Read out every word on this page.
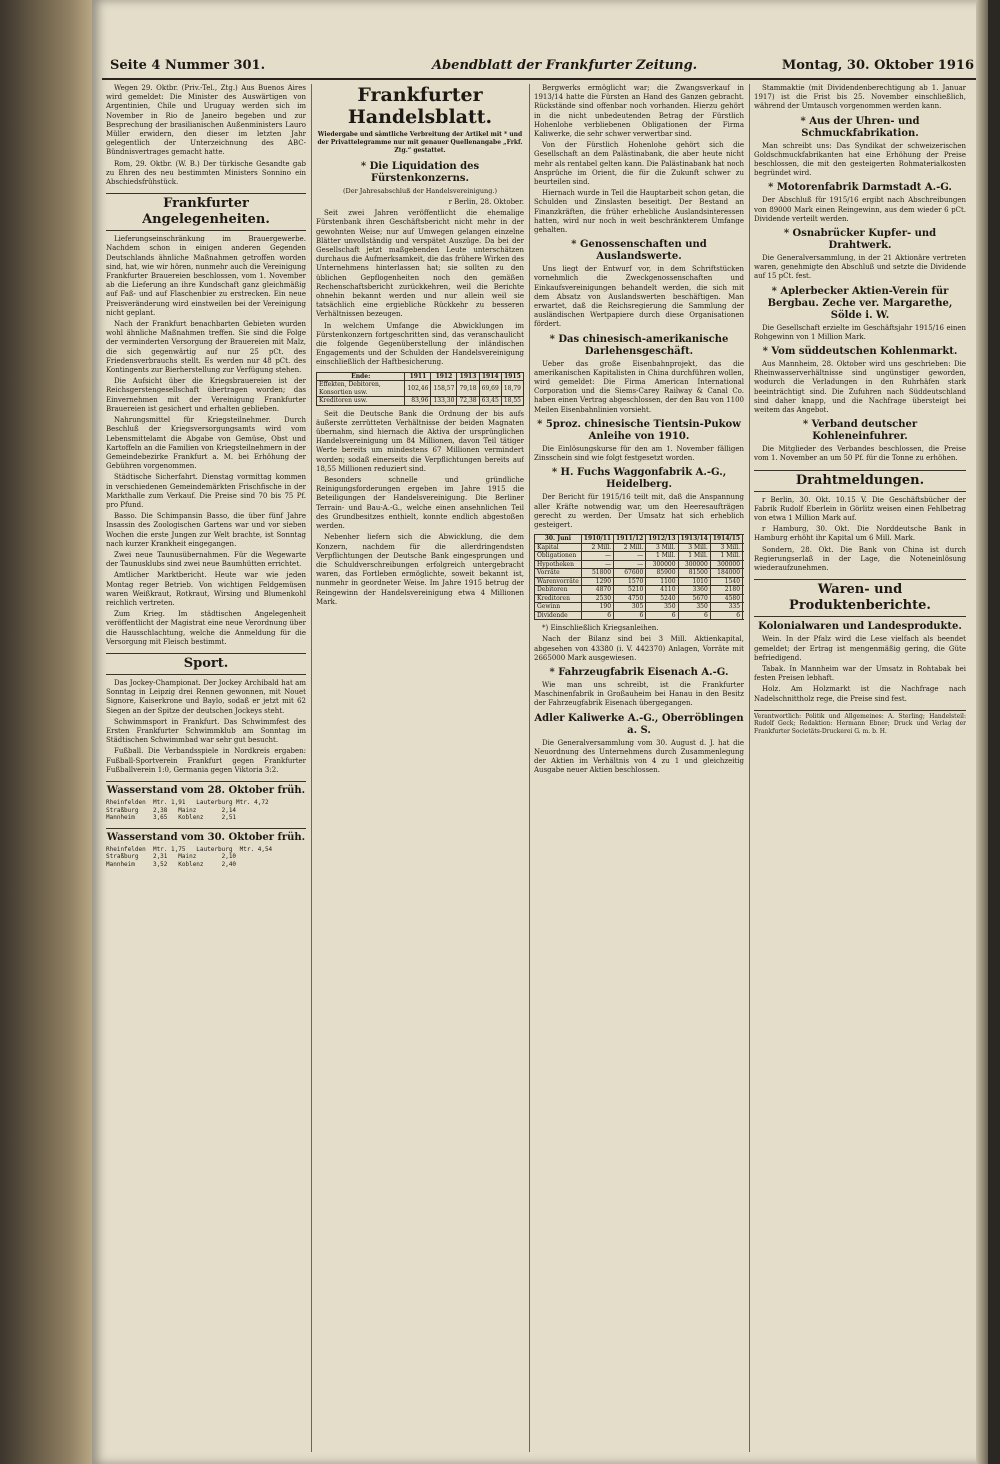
Seite 4 Nummer 301.	Abendblatt der Frankfurter Zeitung.	Montag, 30. Oktober 1916

Wegen 29. Oktbr. (Priv.-Tel., Ztg.) Aus Buenos Aires wird gemeldet: Die Minister des Auswärtigen von Argentinien, Chile und Uruguay werden sich im November in Rio de Janeiro begeben und zur Besprechung der brasilianischen Außenministers Lauro Müller erwidern, den dieser im letzten Jahr gelegentlich der Unterzeichnung des ABC-Bündnisvertrages gemacht hatte.

Rom, 29. Oktbr. (W. B.) Der türkische Gesandte gab zu Ehren des neu bestimmten Ministers Sonnino ein Abschiedsfrühstück.

Frankfurter Angelegenheiten.

Lieferungseinschränkung im Brauergewerbe. Nachdem schon in einigen anderen Gegenden Deutschlands ähnliche Maßnahmen getroffen worden sind, hat, wie wir hören, nunmehr auch die Vereinigung Frankfurter Brauereien beschlossen, vom 1. November ab die Lieferung an ihre Kundschaft ganz gleichmäßig auf Faß- und auf Flaschenbier zu erstrecken. Ein neue Preisveränderung wird einstweilen bei der Vereinigung nicht geplant.

Nach der Frankfurt benachbarten Gebieten wurden wohl ähnliche Maßnahmen treffen. Sie sind die Folge der verminderten Versorgung der Brauereien mit Malz, die sich gegenwärtig auf nur 25 pCt. des Friedensverbrauchs stellt. Es werden nur 48 pCt. des Kontingents zur Bierherstellung zur Verfügung stehen.

Die Aufsicht über die Kriegsbrauereien ist der Reichsgerstengesellschaft übertragen worden; das Einvernehmen mit der Vereinigung Frankfurter Brauereien ist gesichert und erhalten geblieben.

Nahrungsmittel für Kriegsteilnehmer. Durch Beschluß der Kriegsversorgungsamts wird vom Lebensmittelamt die Abgabe von Gemüse, Obst und Kartoffeln an die Familien von Kriegsteilnehmern in der Gemeindebezirke Frankfurt a. M. bei Erhöhung der Gebühren vorgenommen.

Städtische Sicherfahrt. Dienstag vormittag kommen in verschiedenen Gemeindemärkten Frischfische in der Markthalle zum Verkauf. Die Preise sind 70 bis 75 Pf. pro Pfund.

Basso. Die Schimpansin Basso, die über fünf Jahre Insassin des Zoologischen Gartens war und vor sieben Wochen die erste Jungen zur Welt brachte, ist Sonntag nach kurzer Krankheit eingegangen.

Zwei neue Taunusübernahmen. Für die Wegewarte der Taunusklubs sind zwei neue Baumhütten errichtet.

Amtlicher Marktbericht. Heute war wie jeden Montag reger Betrieb. Von wichtigen Feldgemüsen waren Weißkraut, Rotkraut, Wirsing und Blumenkohl reichlich vertreten.

Zum Krieg. Im städtischen Angelegenheit veröffentlicht der Magistrat eine neue Verordnung über die Hausschlachtung, welche die Anmeldung für die Versorgung mit Fleisch bestimmt.

Sport.

Das Jockey-Championat. Der Jockey Archibald hat am Sonntag in Leipzig drei Rennen gewonnen, mit Nouet Signore, Kaiserkrone und Baylo, sodaß er jetzt mit 62 Siegen an der Spitze der deutschen Jockeys steht.

Schwimmsport in Frankfurt. Das Schwimmfest des Ersten Frankfurter Schwimmklub am Sonntag im Städtischen Schwimmbad war sehr gut besucht.

Fußball. Die Verbandsspiele in Nordkreis ergaben: Fußball-Sportverein Frankfurt gegen Frankfurter Fußballverein 1:0, Germania gegen Viktoria 3:2.

Wasserstand vom 28. Oktober früh.
Rheinfelden  Mtr. 1,91   Lauterburg Mtr. 4,72
Straßburg    2,38   Mainz       2,14
Mannheim     3,65   Koblenz     2,51
Wasserstand vom 30. Oktober früh.
Rheinfelden  Mtr. 1,75   Lauterburg  Mtr. 4,54
Straßburg    2,31   Mainz       2,10
Mannheim     3,52   Koblenz     2,40
Frankfurter Handelsblatt.
Wiedergabe und sämtliche Verbreitung der Artikel mit * und der Privattelegramme nur mit genauer Quellenangabe „Frkf. Ztg.“ gestattet.
* Die Liquidation des Fürstenkonzerns.
(Der Jahresabschluß der Handelsvereinigung.)
r Berlin, 28. Oktober.

Seit zwei Jahren veröffentlicht die ehemalige Fürstenbank ihren Geschäftsbericht nicht mehr in der gewohnten Weise; nur auf Umwegen gelangen einzelne Blätter unvollständig und verspätet Auszüge. Da bei der Gesellschaft jetzt maßgebenden Leute unterschätzen durchaus die Aufmerksamkeit, die das frühere Wirken des Unternehmens hinterlassen hat; sie sollten zu den üblichen Gepflogenheiten noch den gemäßen Rechenschaftsbericht zurückkehren, weil die Berichte ohnehin bekannt werden und nur allein weil sie tatsächlich eine ergiebliche Rückkehr zu besseren Verhältnissen bezeugen.

In welchem Umfange die Abwicklungen im Fürstenkonzern fortgeschritten sind, das veranschaulicht die folgende Gegenüberstellung der inländischen Engagements und der Schulden der Handelsvereinigung einschließlich der Haftbesicherung.

Ende:	1911	1912	1913	1914	1915
Effekten, Debitoren, Konsortien usw.	102,46	158,57	79,18	69,69	18,79
Kreditoren usw.	83,96	133,30	72,38	63,45	18,55

Seit die Deutsche Bank die Ordnung der bis aufs äußerste zerrütteten Verhältnisse der beiden Magnaten übernahm, sind hiernach die Aktiva der ursprünglichen Handelsvereinigung um 84 Millionen, davon Teil tätiger Werte bereits um mindestens 67 Millionen vermindert worden; sodaß einerseits die Verpflichtungen bereits auf 18,55 Millionen reduziert sind.

Besonders schnelle und gründliche Reinigungsforderungen ergeben im Jahre 1915 die Beteiligungen der Handelsvereinigung. Die Berliner Terrain- und Bau-A.-G., welche einen ansehnlichen Teil des Grundbesitzes enthielt, konnte endlich abgestoßen werden.

Nebenher liefern sich die Abwicklung, die dem Konzern, nachdem für die allerdringendsten Verpflichtungen der Deutsche Bank eingesprungen und die Schuldverschreibungen erfolgreich untergebracht waren, das Fortleben ermöglichte, soweit bekannt ist, nunmehr in geordneter Weise. Im Jahre 1915 betrug der Reingewinn der Handelsvereinigung etwa 4 Millionen Mark.

Bergwerks ermöglicht war; die Zwangsverkauf in 1913/14 hatte die Fürsten an Hand des Ganzen gebracht. Rückstände sind offenbar noch vorhanden. Hierzu gehört in die nicht unbedeutenden Betrag der Fürstlich Hohenlohe verbliebenen Obligationen der Firma Kaliwerke, die sehr schwer verwertbar sind.

Von der Fürstlich Hohenlohe gehört sich die Gesellschaft an dem Palästinabank, die aber heute nicht mehr als rentabel gelten kann. Die Palästinabank hat noch Ansprüche im Orient, die für die Zukunft schwer zu beurteilen sind.

Hiernach wurde in Teil die Hauptarbeit schon getan, die Schulden und Zinslasten beseitigt. Der Bestand an Finanzkräften, die früher erhebliche Auslandsinteressen hatten, wird nur noch in weit beschränkterem Umfange gehalten.

* Genossenschaften und Auslandswerte.

Uns liegt der Entwurf vor, in dem Schriftstücken vornehmlich die Zweckgenossenschaften und Einkaufsvereinigungen behandelt werden, die sich mit dem Absatz von Auslandswerten beschäftigen. Man erwartet, daß die Reichsregierung die Sammlung der ausländischen Wertpapiere durch diese Organisationen fördert.

* Das chinesisch-amerikanische Darlehensgeschäft.

Ueber das große Eisenbahnprojekt, das die amerikanischen Kapitalisten in China durchführen wollen, wird gemeldet: Die Firma American International Corporation und die Siems-Carey Railway & Canal Co. haben einen Vertrag abgeschlossen, der den Bau von 1100 Meilen Eisenbahnlinien vorsieht.

* 5proz. chinesische Tientsin-Pukow Anleihe von 1910.

Die Einlösungskurse für den am 1. November fälligen Zinsschein sind wie folgt festgesetzt worden.

* H. Fuchs Waggonfabrik A.-G., Heidelberg.

Der Bericht für 1915/16 teilt mit, daß die Anspannung aller Kräfte notwendig war, um den Heeresaufträgen gerecht zu werden. Der Umsatz hat sich erheblich gesteigert.

30. Juni	1910/11	1911/12	1912/13	1913/14	1914/15	
Kapital	2 Mill.	2 Mill.	3 Mill.	3 Mill.	3 Mill.	
Obligationen	—	—	1 Mill.	1 Mill.	1 Mill.	
Hypotheken	—	—	300000	300000	300000	
Vorräte	51800	67600	85900	81500	184000	
Warenvorräte	1290	1570	1100	1010	1540	
Debitoren	4870	5210	4110	3360	2180	
Kreditoren	2530	4750	5240	5670	4580	
Gewinn	190	305	350	350	335	
Dividende	6	6	6	6	6	

*) Einschließlich Kriegsanleihen.

Nach der Bilanz sind bei 3 Mill. Aktienkapital, abgesehen von 43380 (i. V. 442370) Anlagen, Vorräte mit 2665000 Mark ausgewiesen.

* Fahrzeugfabrik Eisenach A.-G.

Wie man uns schreibt, ist die Frankfurter Maschinenfabrik in Großauheim bei Hanau in den Besitz der Fahrzeugfabrik Eisenach übergegangen.

Adler Kaliwerke A.-G., Oberröblingen a. S.

Die Generalversammlung vom 30. August d. J. hat die Neuordnung des Unternehmens durch Zusammenlegung der Aktien im Verhältnis von 4 zu 1 und gleichzeitig Ausgabe neuer Aktien beschlossen.

Stammaktie (mit Dividendenberechtigung ab 1. Januar 1917) ist die Frist bis 25. November einschließlich, während der Umtausch vorgenommen werden kann.

* Aus der Uhren- und Schmuckfabrikation.

Man schreibt uns: Das Syndikat der schweizerischen Goldschmuckfabrikanten hat eine Erhöhung der Preise beschlossen, die mit den gesteigerten Rohmaterialkosten begründet wird.

* Motorenfabrik Darmstadt A.-G.

Der Abschluß für 1915/16 ergibt nach Abschreibungen von 89000 Mark einen Reingewinn, aus dem wieder 6 pCt. Dividende verteilt werden.

* Osnabrücker Kupfer- und Drahtwerk.

Die Generalversammlung, in der 21 Aktionäre vertreten waren, genehmigte den Abschluß und setzte die Dividende auf 15 pCt. fest.

* Aplerbecker Aktien-Verein für Bergbau. Zeche ver. Margarethe, Sölde i. W.

Die Gesellschaft erzielte im Geschäftsjahr 1915/16 einen Rohgewinn von 1 Million Mark.

* Vom süddeutschen Kohlenmarkt.

Aus Mannheim, 28. Oktober wird uns geschrieben: Die Rheinwasserverhältnisse sind ungünstiger geworden, wodurch die Verladungen in den Ruhrhäfen stark beeinträchtigt sind. Die Zufuhren nach Süddeutschland sind daher knapp, und die Nachfrage übersteigt bei weitem das Angebot.

* Verband deutscher Kohleneinfuhrer.

Die Mitglieder des Verbandes beschlossen, die Preise vom 1. November an um 50 Pf. für die Tonne zu erhöhen.

Drahtmeldungen.

r Berlin, 30. Okt. 10.15 V. Die Geschäftsbücher der Fabrik Rudolf Eberlein in Görlitz weisen einen Fehlbetrag von etwa 1 Million Mark auf.

r Hamburg, 30. Okt. Die Norddeutsche Bank in Hamburg erhöht ihr Kapital um 6 Mill. Mark.

Sondern, 28. Okt. Die Bank von China ist durch Regierungserlaß in der Lage, die Noteneinlösung wiederaufzunehmen.

Waren- und Produktenberichte.
Kolonialwaren und Landesprodukte.

Wein. In der Pfalz wird die Lese vielfach als beendet gemeldet; der Ertrag ist mengenmäßig gering, die Güte befriedigend.

Tabak. In Mannheim war der Umsatz in Rohtabak bei festen Preisen lebhaft.

Holz. Am Holzmarkt ist die Nachfrage nach Nadelschnittholz rege, die Preise sind fest.

Verantwortlich: Politik und Allgemeines: A. Sterling; Handelsteil: Rudolf Geck; Redaktion: Hermann Ebner; Druck und Verlag der Frankfurter Societäts-Druckerei G. m. b. H.
